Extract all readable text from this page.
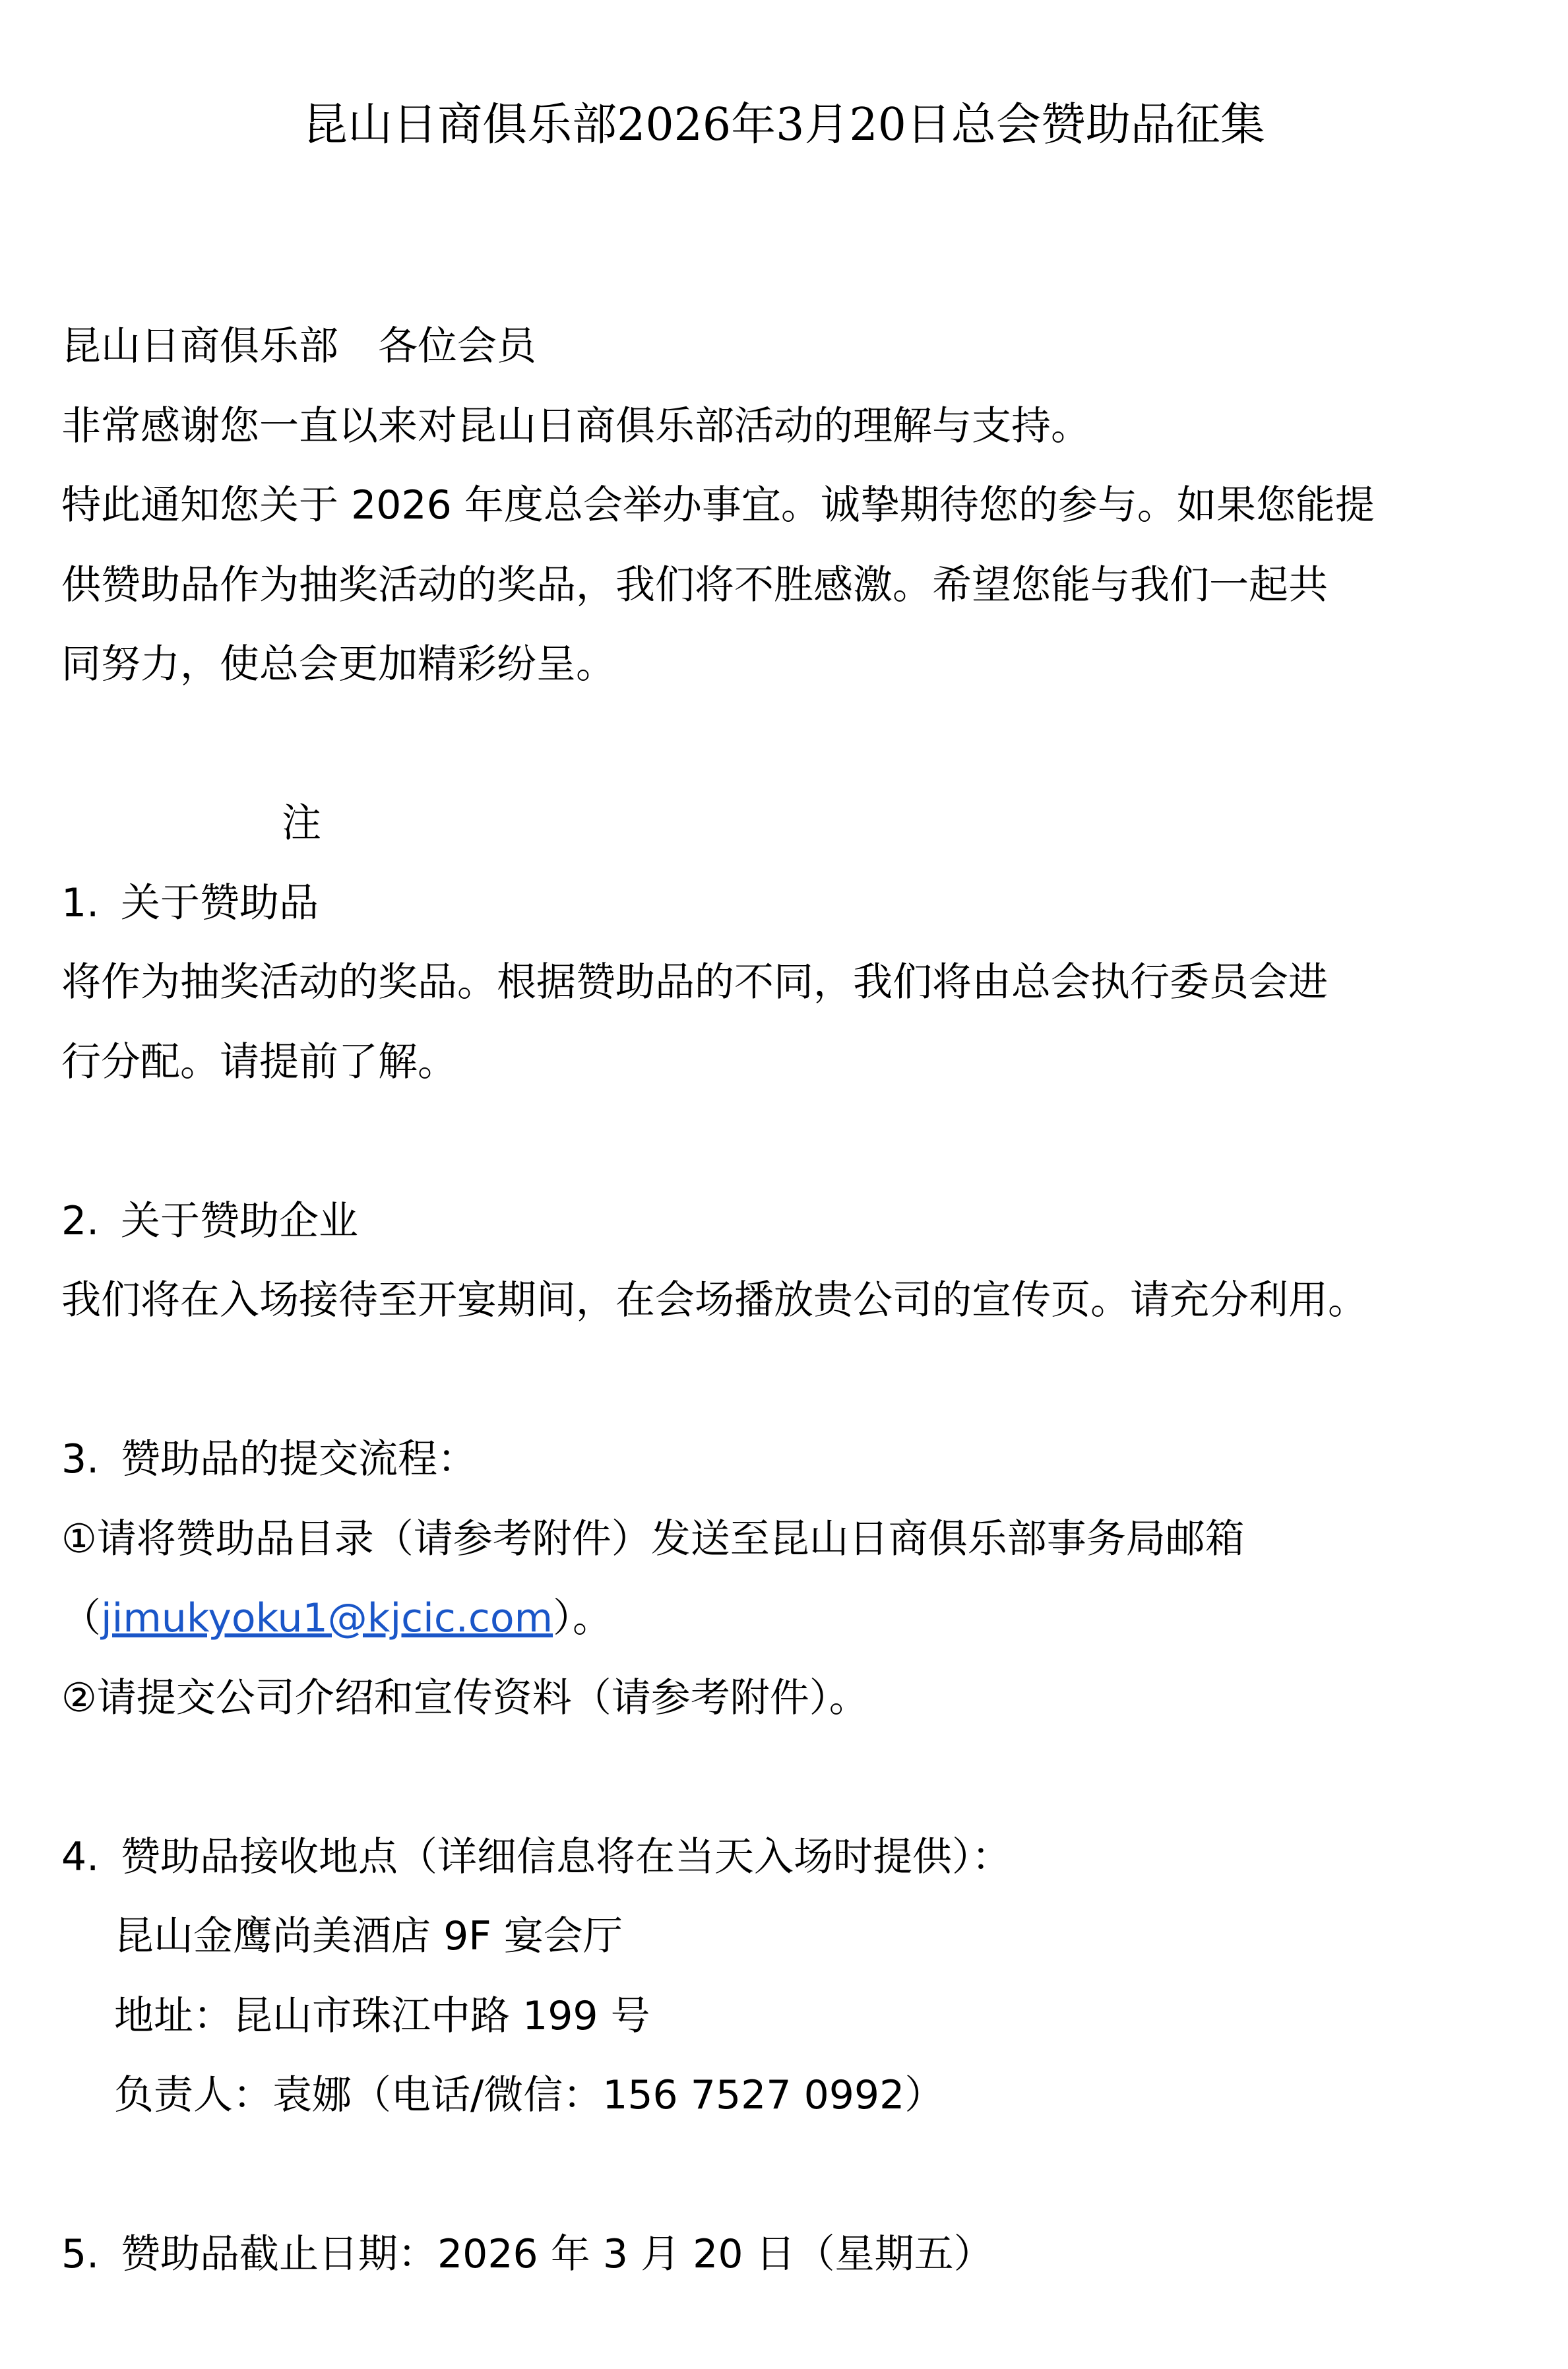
昆山日商俱乐部2026年3月20日总会赞助品征集
昆山日商俱乐部　各位会员
非常感谢您一直以来对昆山日商俱乐部活动的理解与支持。
特此通知您关于 2026 年度总会举办事宜。诚挚期待您的参与。如果您能提
供赞助品作为抽奖活动的奖品，我们将不胜感激。希望您能与我们一起共
同努力，使总会更加精彩纷呈。
注
1. 关于赞助品
将作为抽奖活动的奖品。根据赞助品的不同，我们将由总会执行委员会进
行分配。请提前了解。
2. 关于赞助企业
我们将在入场接待至开宴期间，在会场播放贵公司的宣传页。请充分利用。
3. 赞助品的提交流程：
①请将赞助品目录（请参考附件）发送至昆山日商俱乐部事务局邮箱
（jimukyoku1@kjcic.com）。
②请提交公司介绍和宣传资料（请参考附件）。
4. 赞助品接收地点（详细信息将在当天入场时提供）：
昆山金鹰尚美酒店 9F 宴会厅
地址：昆山市珠江中路 199 号
负责人：袁娜（电话/微信：156 7527 0992）
5. 赞助品截止日期：2026 年 3 月 20 日（星期五）
